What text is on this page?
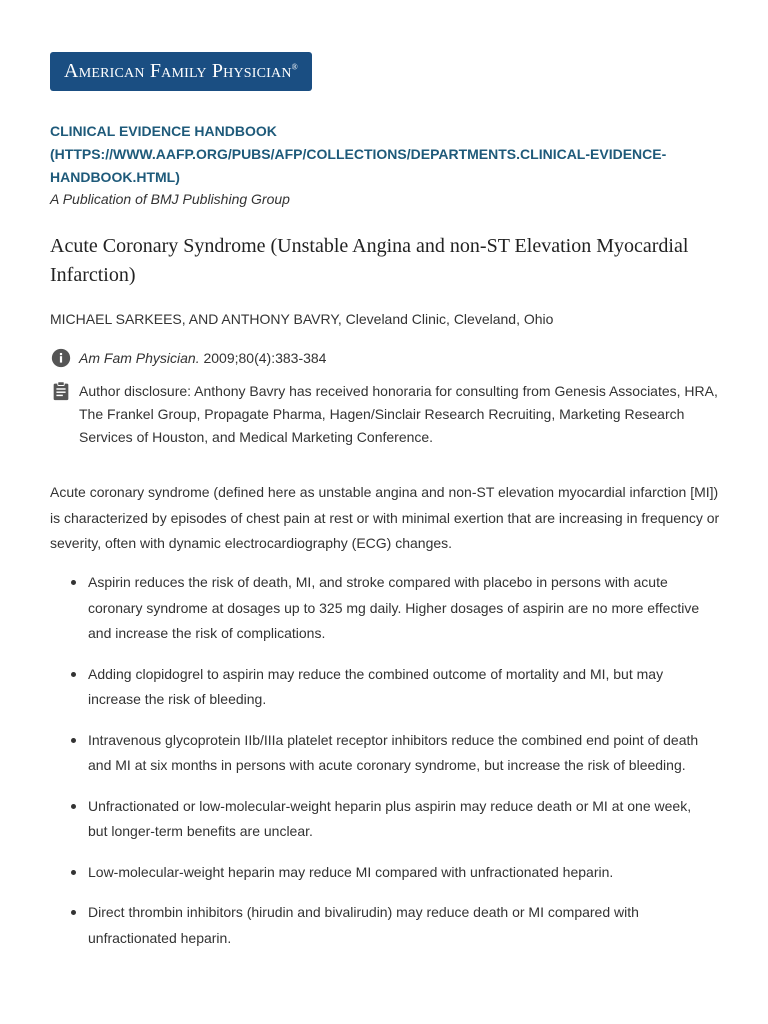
American Family Physician®
CLINICAL EVIDENCE HANDBOOK (HTTPS://WWW.AAFP.ORG/PUBS/AFP/COLLECTIONS/DEPARTMENTS.CLINICAL-EVIDENCE-HANDBOOK.HTML)
A Publication of BMJ Publishing Group
Acute Coronary Syndrome (Unstable Angina and non-ST Elevation Myocardial Infarction)
MICHAEL SARKEES, AND ANTHONY BAVRY, Cleveland Clinic, Cleveland, Ohio
Am Fam Physician. 2009;80(4):383-384
Author disclosure: Anthony Bavry has received honoraria for consulting from Genesis Associates, HRA, The Frankel Group, Propagate Pharma, Hagen/Sinclair Research Recruiting, Marketing Research Services of Houston, and Medical Marketing Conference.

Acute coronary syndrome (defined here as unstable angina and non-ST elevation myocardial infarction [MI]) is characterized by episodes of chest pain at rest or with minimal exertion that are increasing in frequency or severity, often with dynamic electrocardiography (ECG) changes.

Aspirin reduces the risk of death, MI, and stroke compared with placebo in persons with acute coronary syndrome at dosages up to 325 mg daily. Higher dosages of aspirin are no more effective and increase the risk of complications.
Adding clopidogrel to aspirin may reduce the combined outcome of mortality and MI, but may increase the risk of bleeding.
Intravenous glycoprotein IIb/IIIa platelet receptor inhibitors reduce the combined end point of death and MI at six months in persons with acute coronary syndrome, but increase the risk of bleeding.
Unfractionated or low-molecular-weight heparin plus aspirin may reduce death or MI at one week, but longer-term benefits are unclear.
Low-molecular-weight heparin may reduce MI compared with unfractionated heparin.
Direct thrombin inhibitors (hirudin and bivalirudin) may reduce death or MI compared with unfractionated heparin.
